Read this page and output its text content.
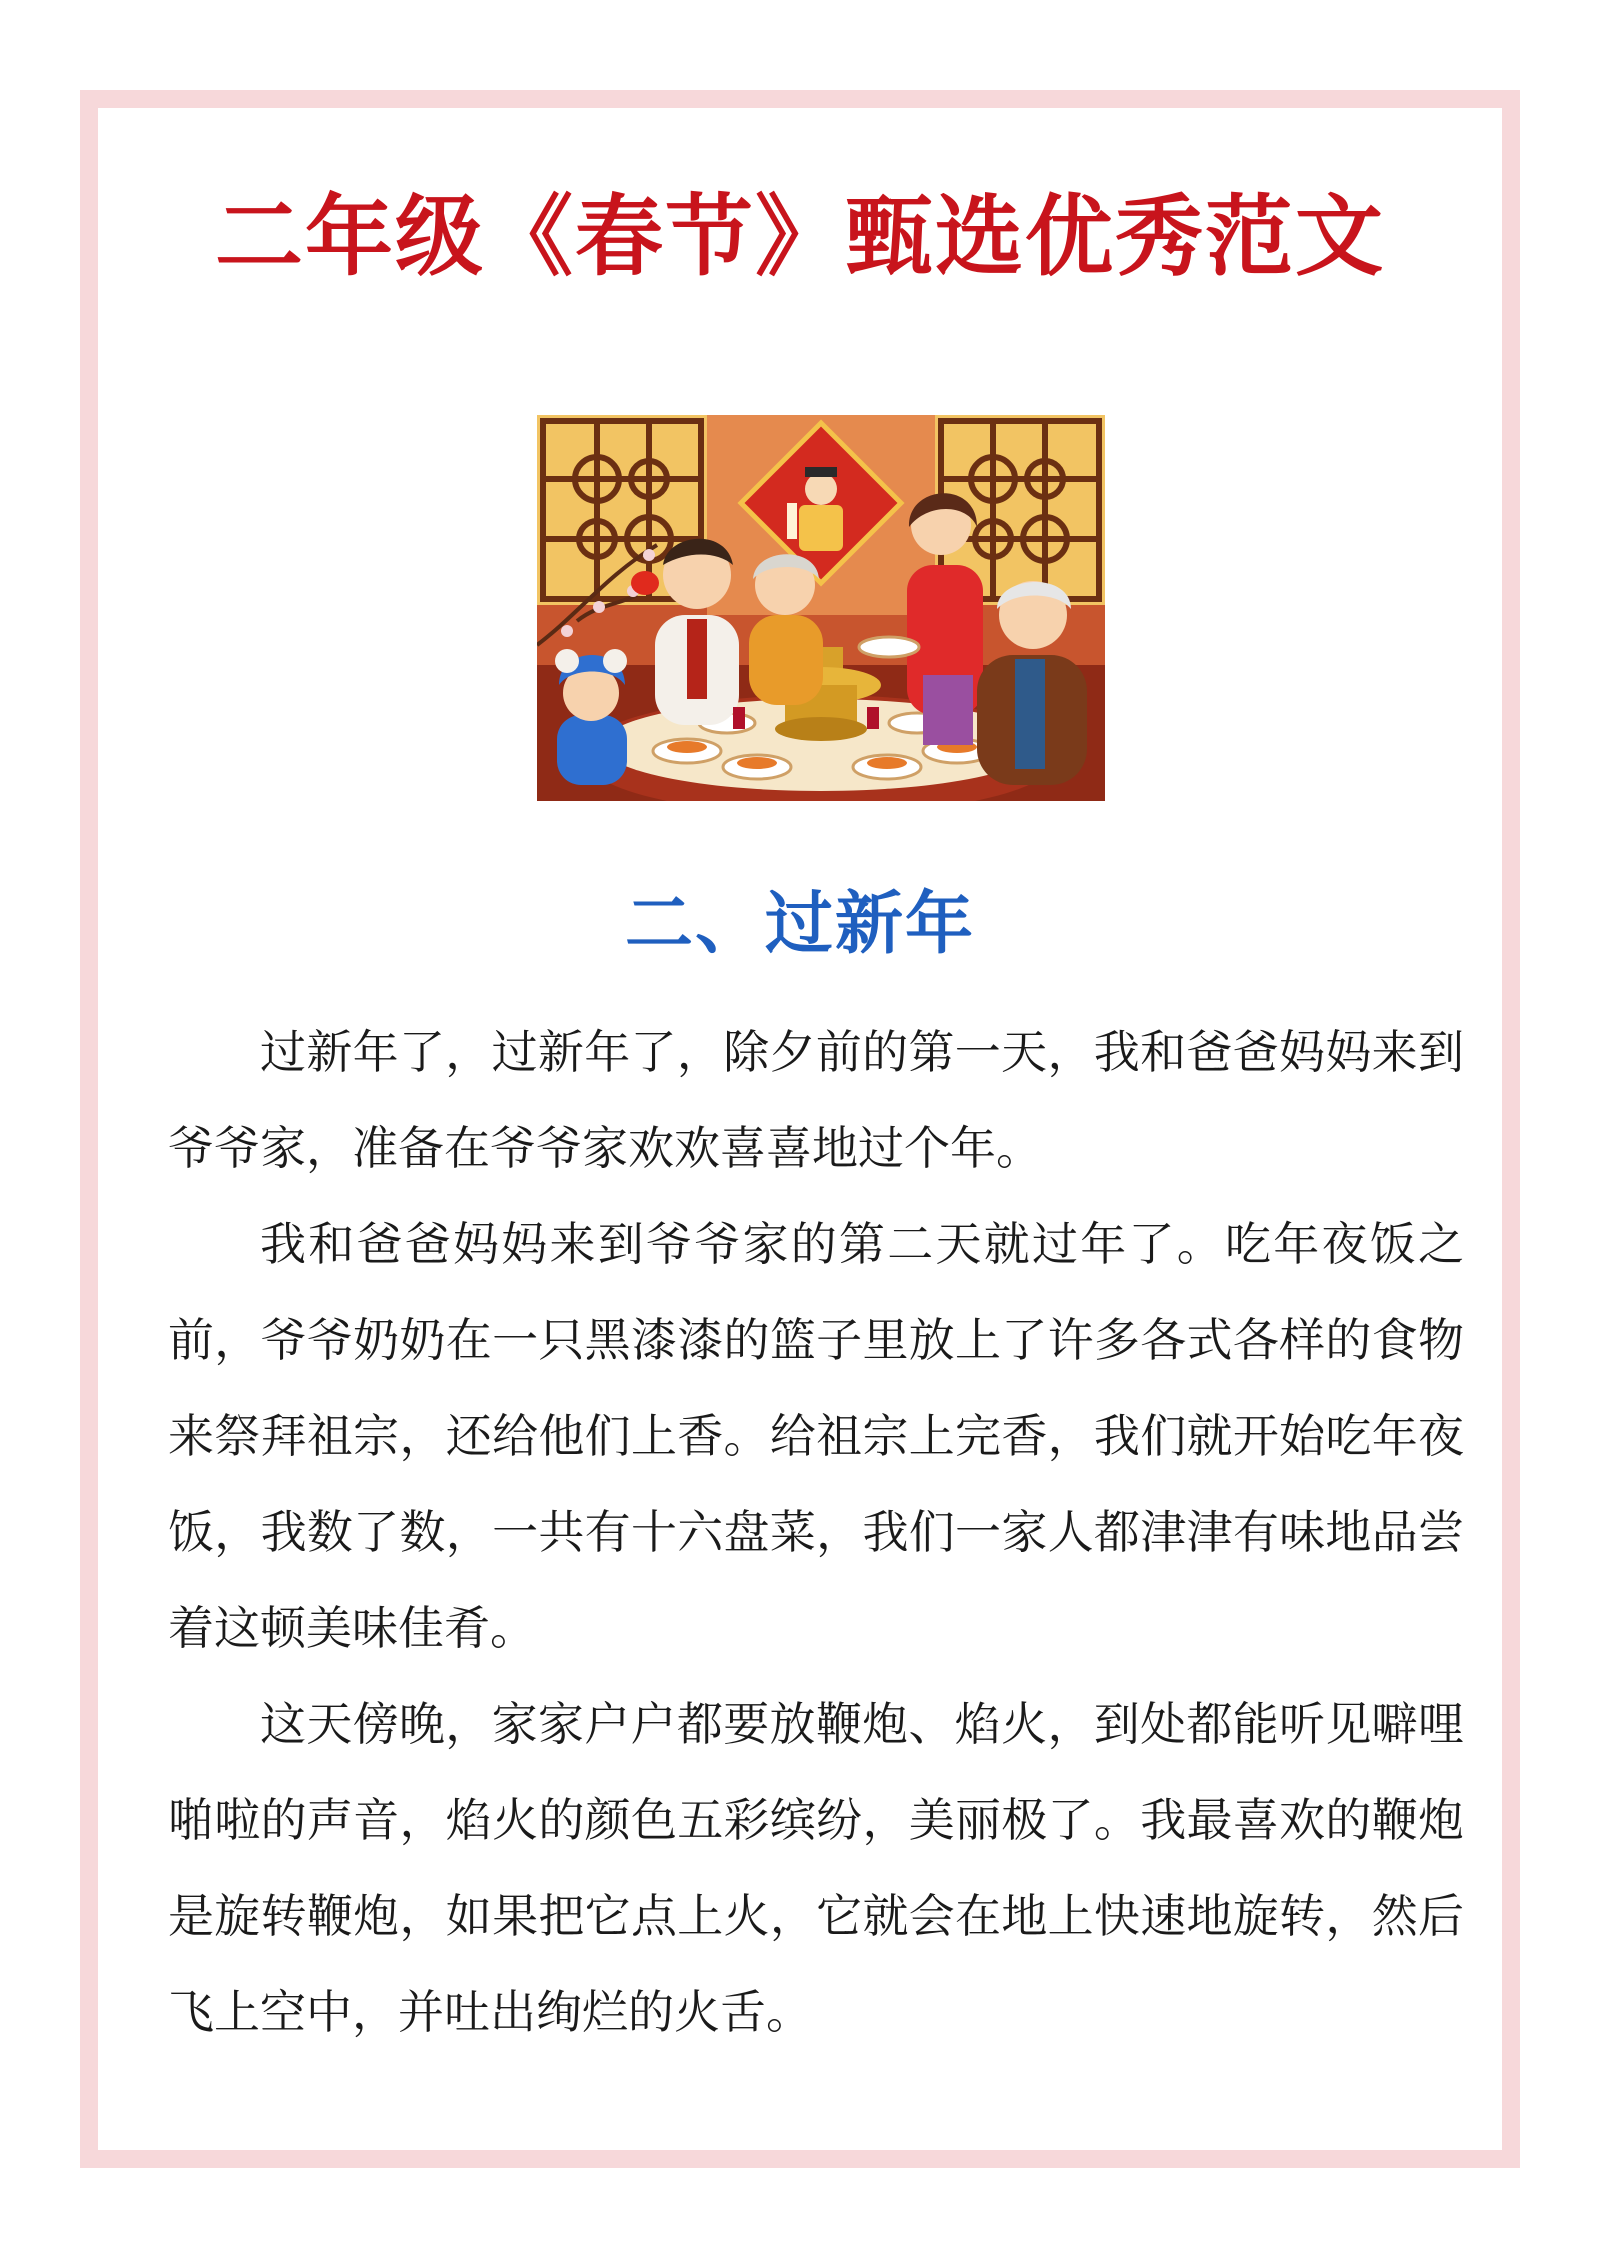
二年级《春节》甄选优秀范文
二、过新年

过新年了，过新年了，除夕前的第一天，我和爸爸妈妈来到爷爷家，准备在爷爷家欢欢喜喜地过个年。

我和爸爸妈妈来到爷爷家的第二天就过年了。吃年夜饭之前，爷爷奶奶在一只黑漆漆的篮子里放上了许多各式各样的食物来祭拜祖宗，还给他们上香。给祖宗上完香，我们就开始吃年夜饭，我数了数，一共有十六盘菜，我们一家人都津津有味地品尝着这顿美味佳肴。

这天傍晚，家家户户都要放鞭炮、焰火，到处都能听见噼哩啪啦的声音，焰火的颜色五彩缤纷，美丽极了。我最喜欢的鞭炮是旋转鞭炮，如果把它点上火，它就会在地上快速地旋转，然后飞上空中，并吐出绚烂的火舌。
